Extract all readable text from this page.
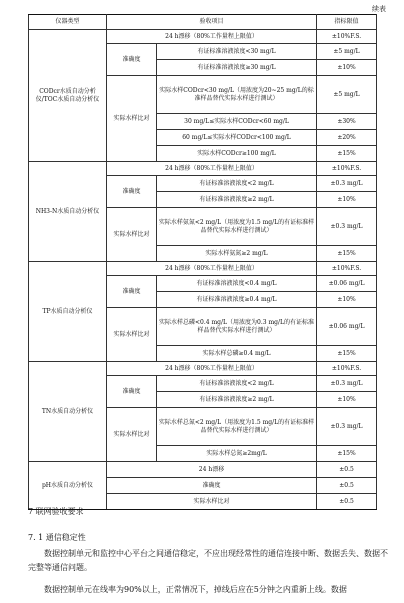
续表
仪器类型	验收项目		指标限值
CODcr水质自动分析仪/TOC水质自动分析仪	24 h漂移（80%工作量程上限值）		±10%F.S.
	准确度	有证标准溶液浓度<30 mg/L	±5 mg/L
		有证标准溶液浓度≥30 mg/L	±10%
	实际水样比对	实际水样CODcr<30 mg/L（用浓度为20~25 mg/L的标准样品替代实际水样进行测试）	±5 mg/L
		30 mg/L≤实际水样CODcr<60 mg/L	±30%
		60 mg/L≤实际水样CODcr<100 mg/L	±20%
		实际水样CODcr≥100 mg/L	±15%
NH3-N水质自动分析仪	24 h漂移（80%工作量程上限值）		±10%F.S.
	准确度	有证标准溶液浓度<2 mg/L	±0.3 mg/L
		有证标准溶液浓度≥2 mg/L	±10%
	实际水样比对	实际水样氨氮<2 mg/L（用浓度为1.5 mg/L的有证标准样品替代实际水样进行测试）	±0.3 mg/L
		实际水样氨氮≥2 mg/L	±15%
TP水质自动分析仪	24 h漂移（80%工作量程上限值）		±10%F.S.
	准确度	有证标准溶液浓度<0.4 mg/L	±0.06 mg/L
		有证标准溶液浓度≥0.4 mg/L	±10%
	实际水样比对	实际水样总磷<0.4 mg/L（用浓度为0.3 mg/L的有证标准样品替代实际水样进行测试）	±0.06 mg/L
		实际水样总磷≥0.4 mg/L	±15%
TN水质自动分析仪	24 h漂移（80%工作量程上限值）		±10%F.S.
	准确度	有证标准溶液浓度<2 mg/L	±0.3 mg/L
		有证标准溶液浓度≥2 mg/L	±10%
	实际水样比对	实际水样总氮<2 mg/L（用浓度为1.5 mg/L的有证标准样品替代实际水样进行测试）	±0.3 mg/L
		实际水样总氮≥2mg/L	±15%
pH水质自动分析仪	24 h漂移		±0.5
	准确度		±0.5
	实际水样比对		±0.5
7 联网验收要求
7. 1 通信稳定性
数据控制单元和监控中心平台之间通信稳定，不应出现经常性的通信连接中断、数据丢失、数据不完整等通信问题。
数据控制单元在线率为90%以上，正常情况下，掉线后应在5分钟之内重新上线。数据
